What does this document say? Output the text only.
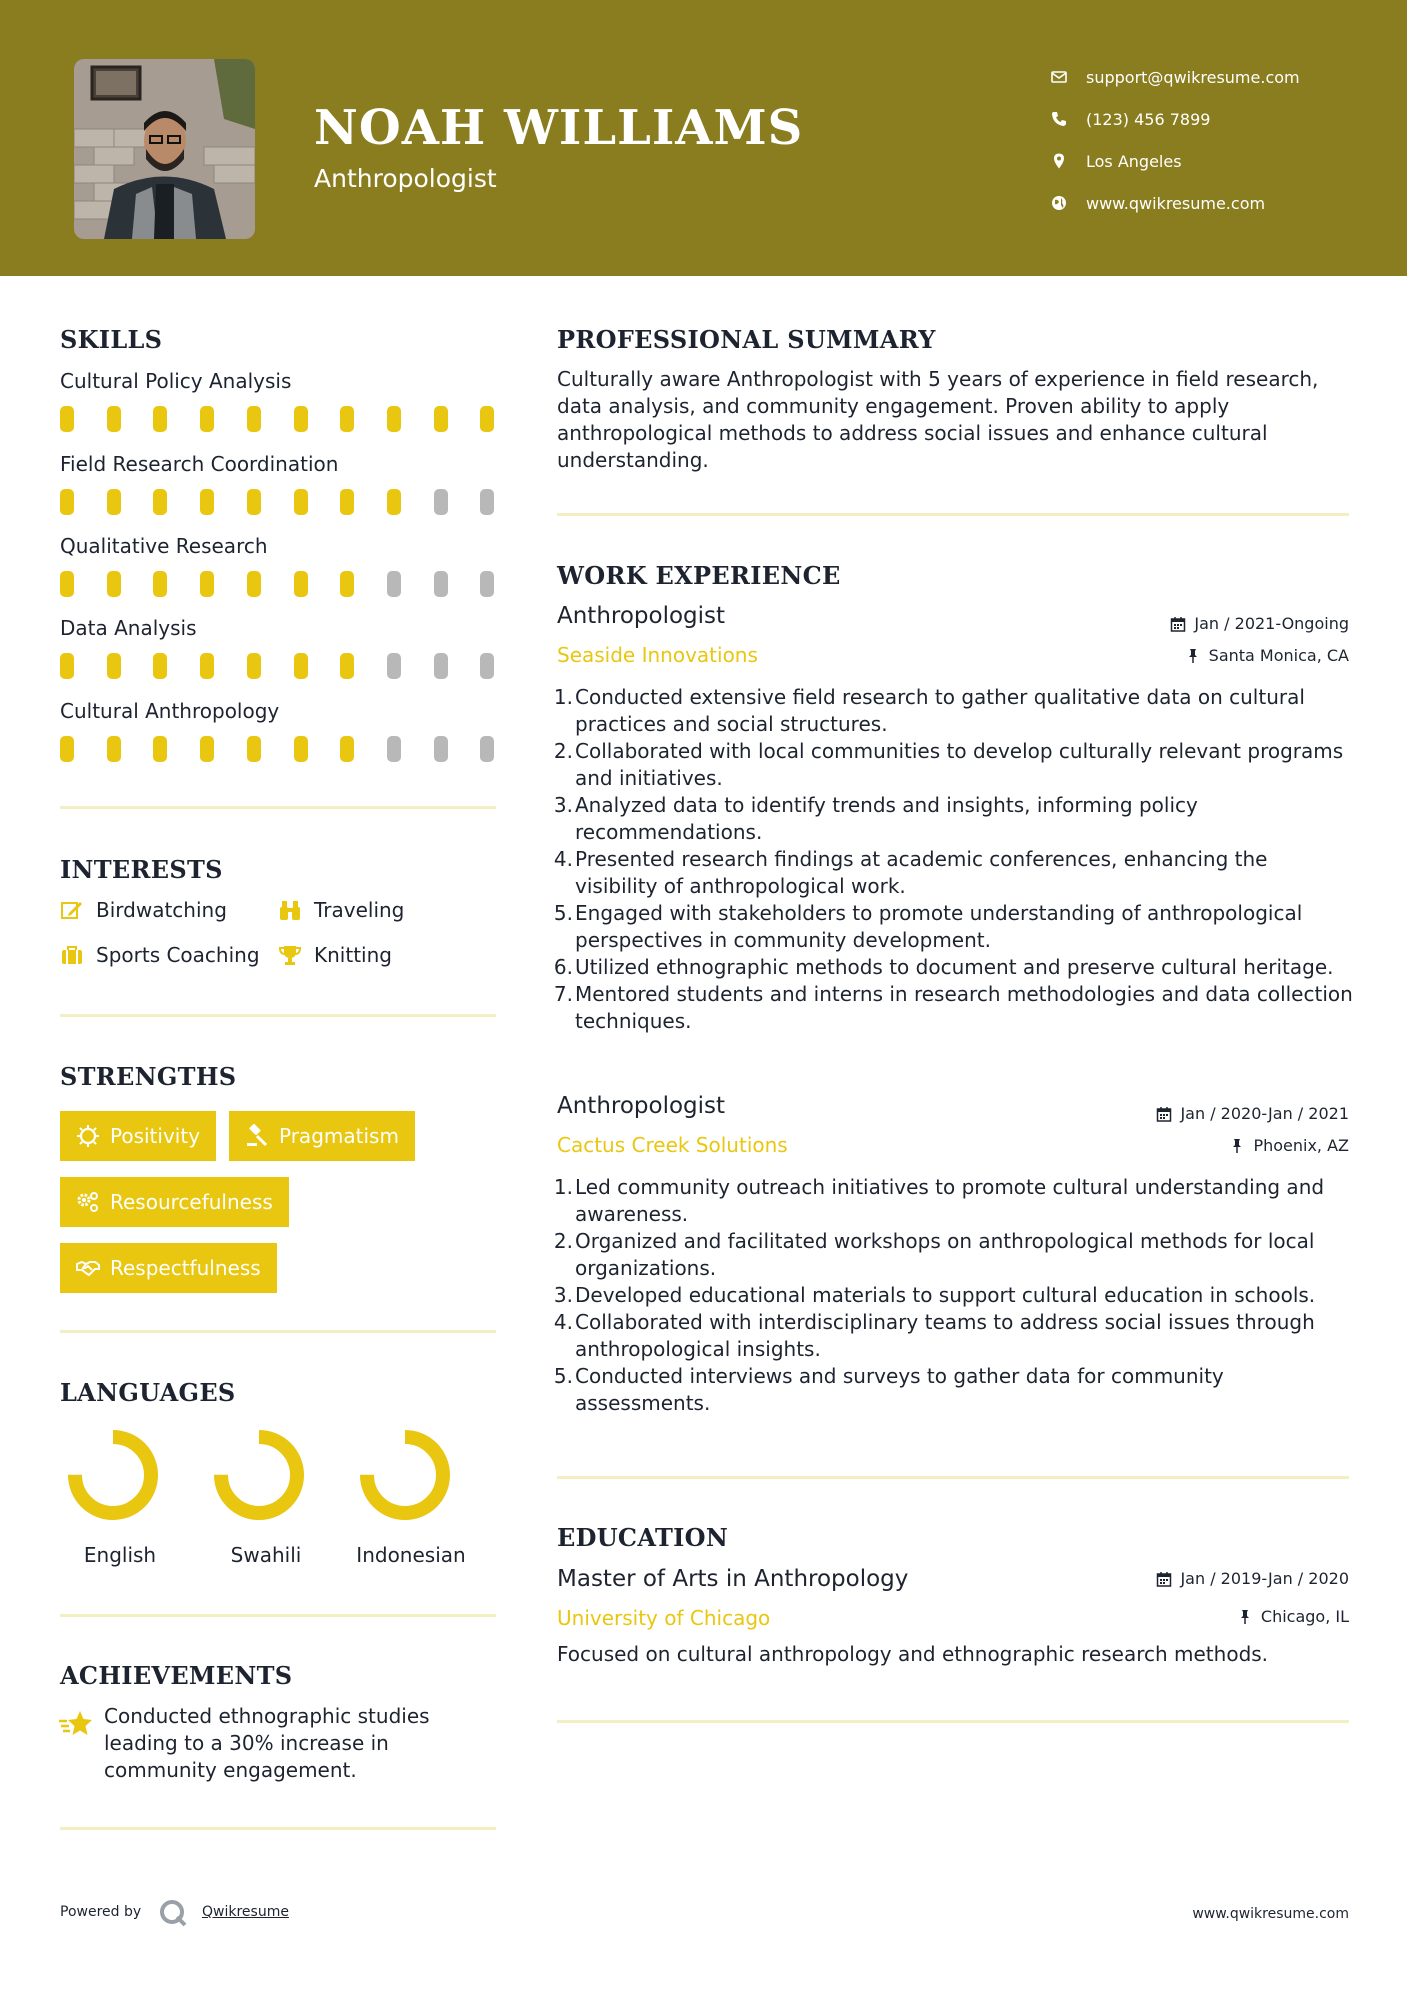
NOAH WILLIAMS
Anthropologist
support@qwikresume.com
(123) 456 7899
Los Angeles
www.qwikresume.com
SKILLS
Cultural Policy Analysis
Field Research Coordination
Qualitative Research
Data Analysis
Cultural Anthropology
INTERESTS
Birdwatching	Traveling
Sports Coaching	Knitting
STRENGTHS
Positivity	Pragmatism
Resourcefulness
Respectfulness
LANGUAGES
English	Swahili	Indonesian
ACHIEVEMENTS
Conducted ethnographic studies leading to a 30% increase in community engagement.
PROFESSIONAL SUMMARY
Culturally aware Anthropologist with 5 years of experience in field research, data analysis, and community engagement. Proven ability to apply anthropological methods to address social issues and enhance cultural understanding.
WORK EXPERIENCE
Anthropologist	Jan / 2021-Ongoing
Seaside Innovations	Santa Monica, CA
1. Conducted extensive field research to gather qualitative data on cultural practices and social structures.
2. Collaborated with local communities to develop culturally relevant programs and initiatives.
3. Analyzed data to identify trends and insights, informing policy recommendations.
4. Presented research findings at academic conferences, enhancing the visibility of anthropological work.
5. Engaged with stakeholders to promote understanding of anthropological perspectives in community development.
6. Utilized ethnographic methods to document and preserve cultural heritage.
7. Mentored students and interns in research methodologies and data collection techniques.
Anthropologist	Jan / 2020-Jan / 2021
Cactus Creek Solutions	Phoenix, AZ
1. Led community outreach initiatives to promote cultural understanding and awareness.
2. Organized and facilitated workshops on anthropological methods for local organizations.
3. Developed educational materials to support cultural education in schools.
4. Collaborated with interdisciplinary teams to address social issues through anthropological insights.
5. Conducted interviews and surveys to gather data for community assessments.
EDUCATION
Master of Arts in Anthropology	Jan / 2019-Jan / 2020
University of Chicago	Chicago, IL
Focused on cultural anthropology and ethnographic research methods.
Powered by	Qwikresume	www.qwikresume.com
